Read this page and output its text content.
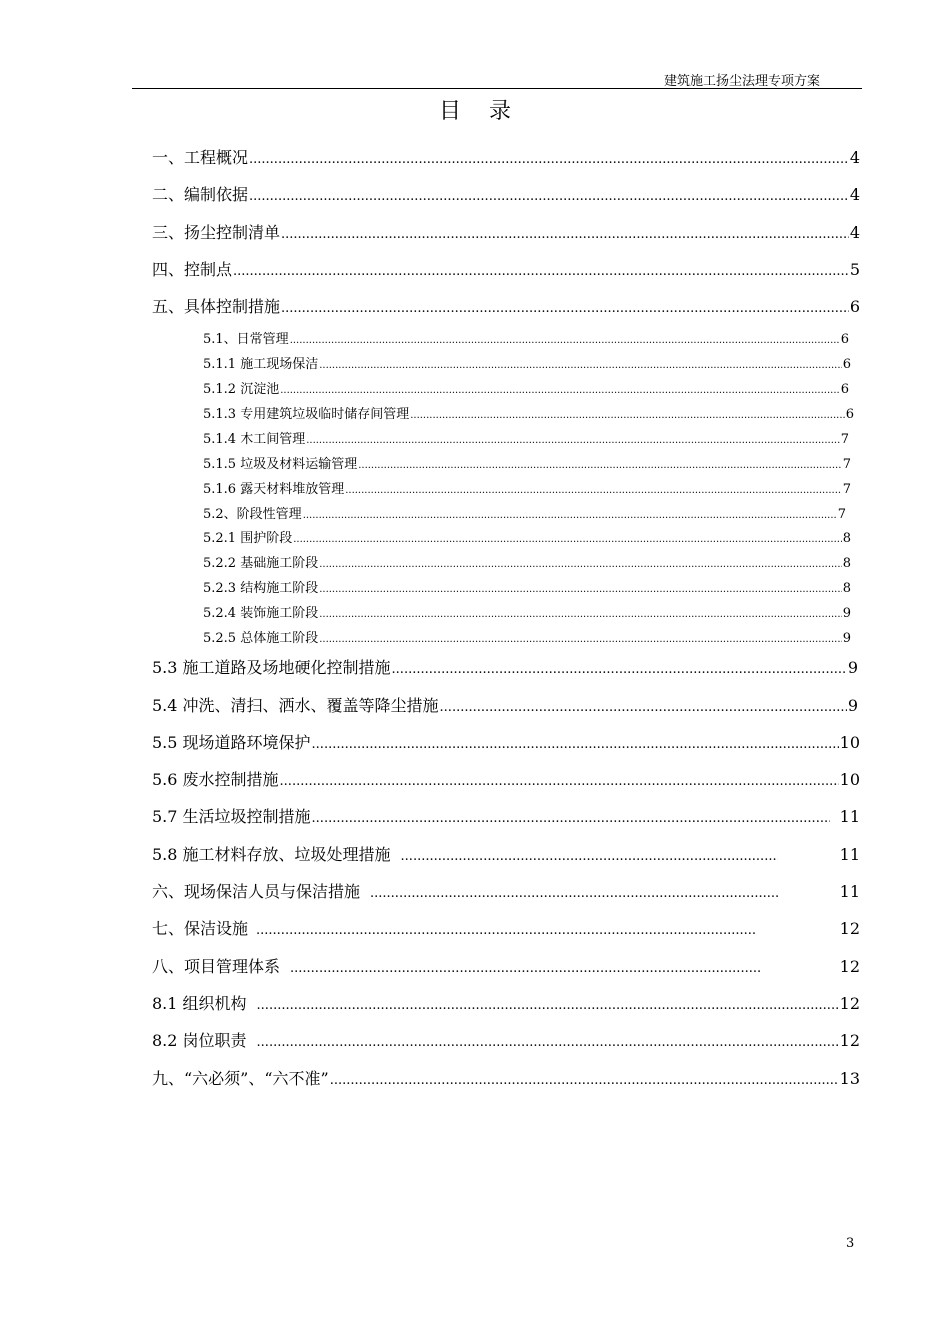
建筑施工扬尘法理专项方案
目录
一、工程概况 .....	4
二、编制依据 .....	4
三、扬尘控制清单 .....	4
四、控制点 .....	5
五、具体控制措施 .....	6
5.1、日常管理 .....	6
5.1.1 施工现场保洁 .....	6
5.1.2 沉淀池 .....	6
5.1.3 专用建筑垃圾临时储存间管理 .....	6
5.1.4 木工间管理 .....	7
5.1.5 垃圾及材料运输管理 .....	7
5.1.6 露天材料堆放管理 .....	7
5.2、阶段性管理 .....	7
5.2.1 围护阶段 .....	8
5.2.2 基础施工阶段 .....	8
5.2.3 结构施工阶段 .....	8
5.2.4 装饰施工阶段 .....	9
5.2.5 总体施工阶段 .....	9
5.3 施工道路及场地硬化控制措施 .....	9
5.4 冲洗、清扫、洒水、覆盖等降尘措施 .....	9
5.5 现场道路环境保护 .....	10
5.6 废水控制措施 .....	10
5.7 生活垃圾控制措施 .....	11
5.8 施工材料存放、垃圾处理措施 .....	11
六、现场保洁人员与保洁措施 .....	11
七、保洁设施 .....	12
八、项目管理体系 .....	12
8.1 组织机构 .....	12
8.2 岗位职责 .....	12
九、“六必须”、“六不准” .....	13
3
